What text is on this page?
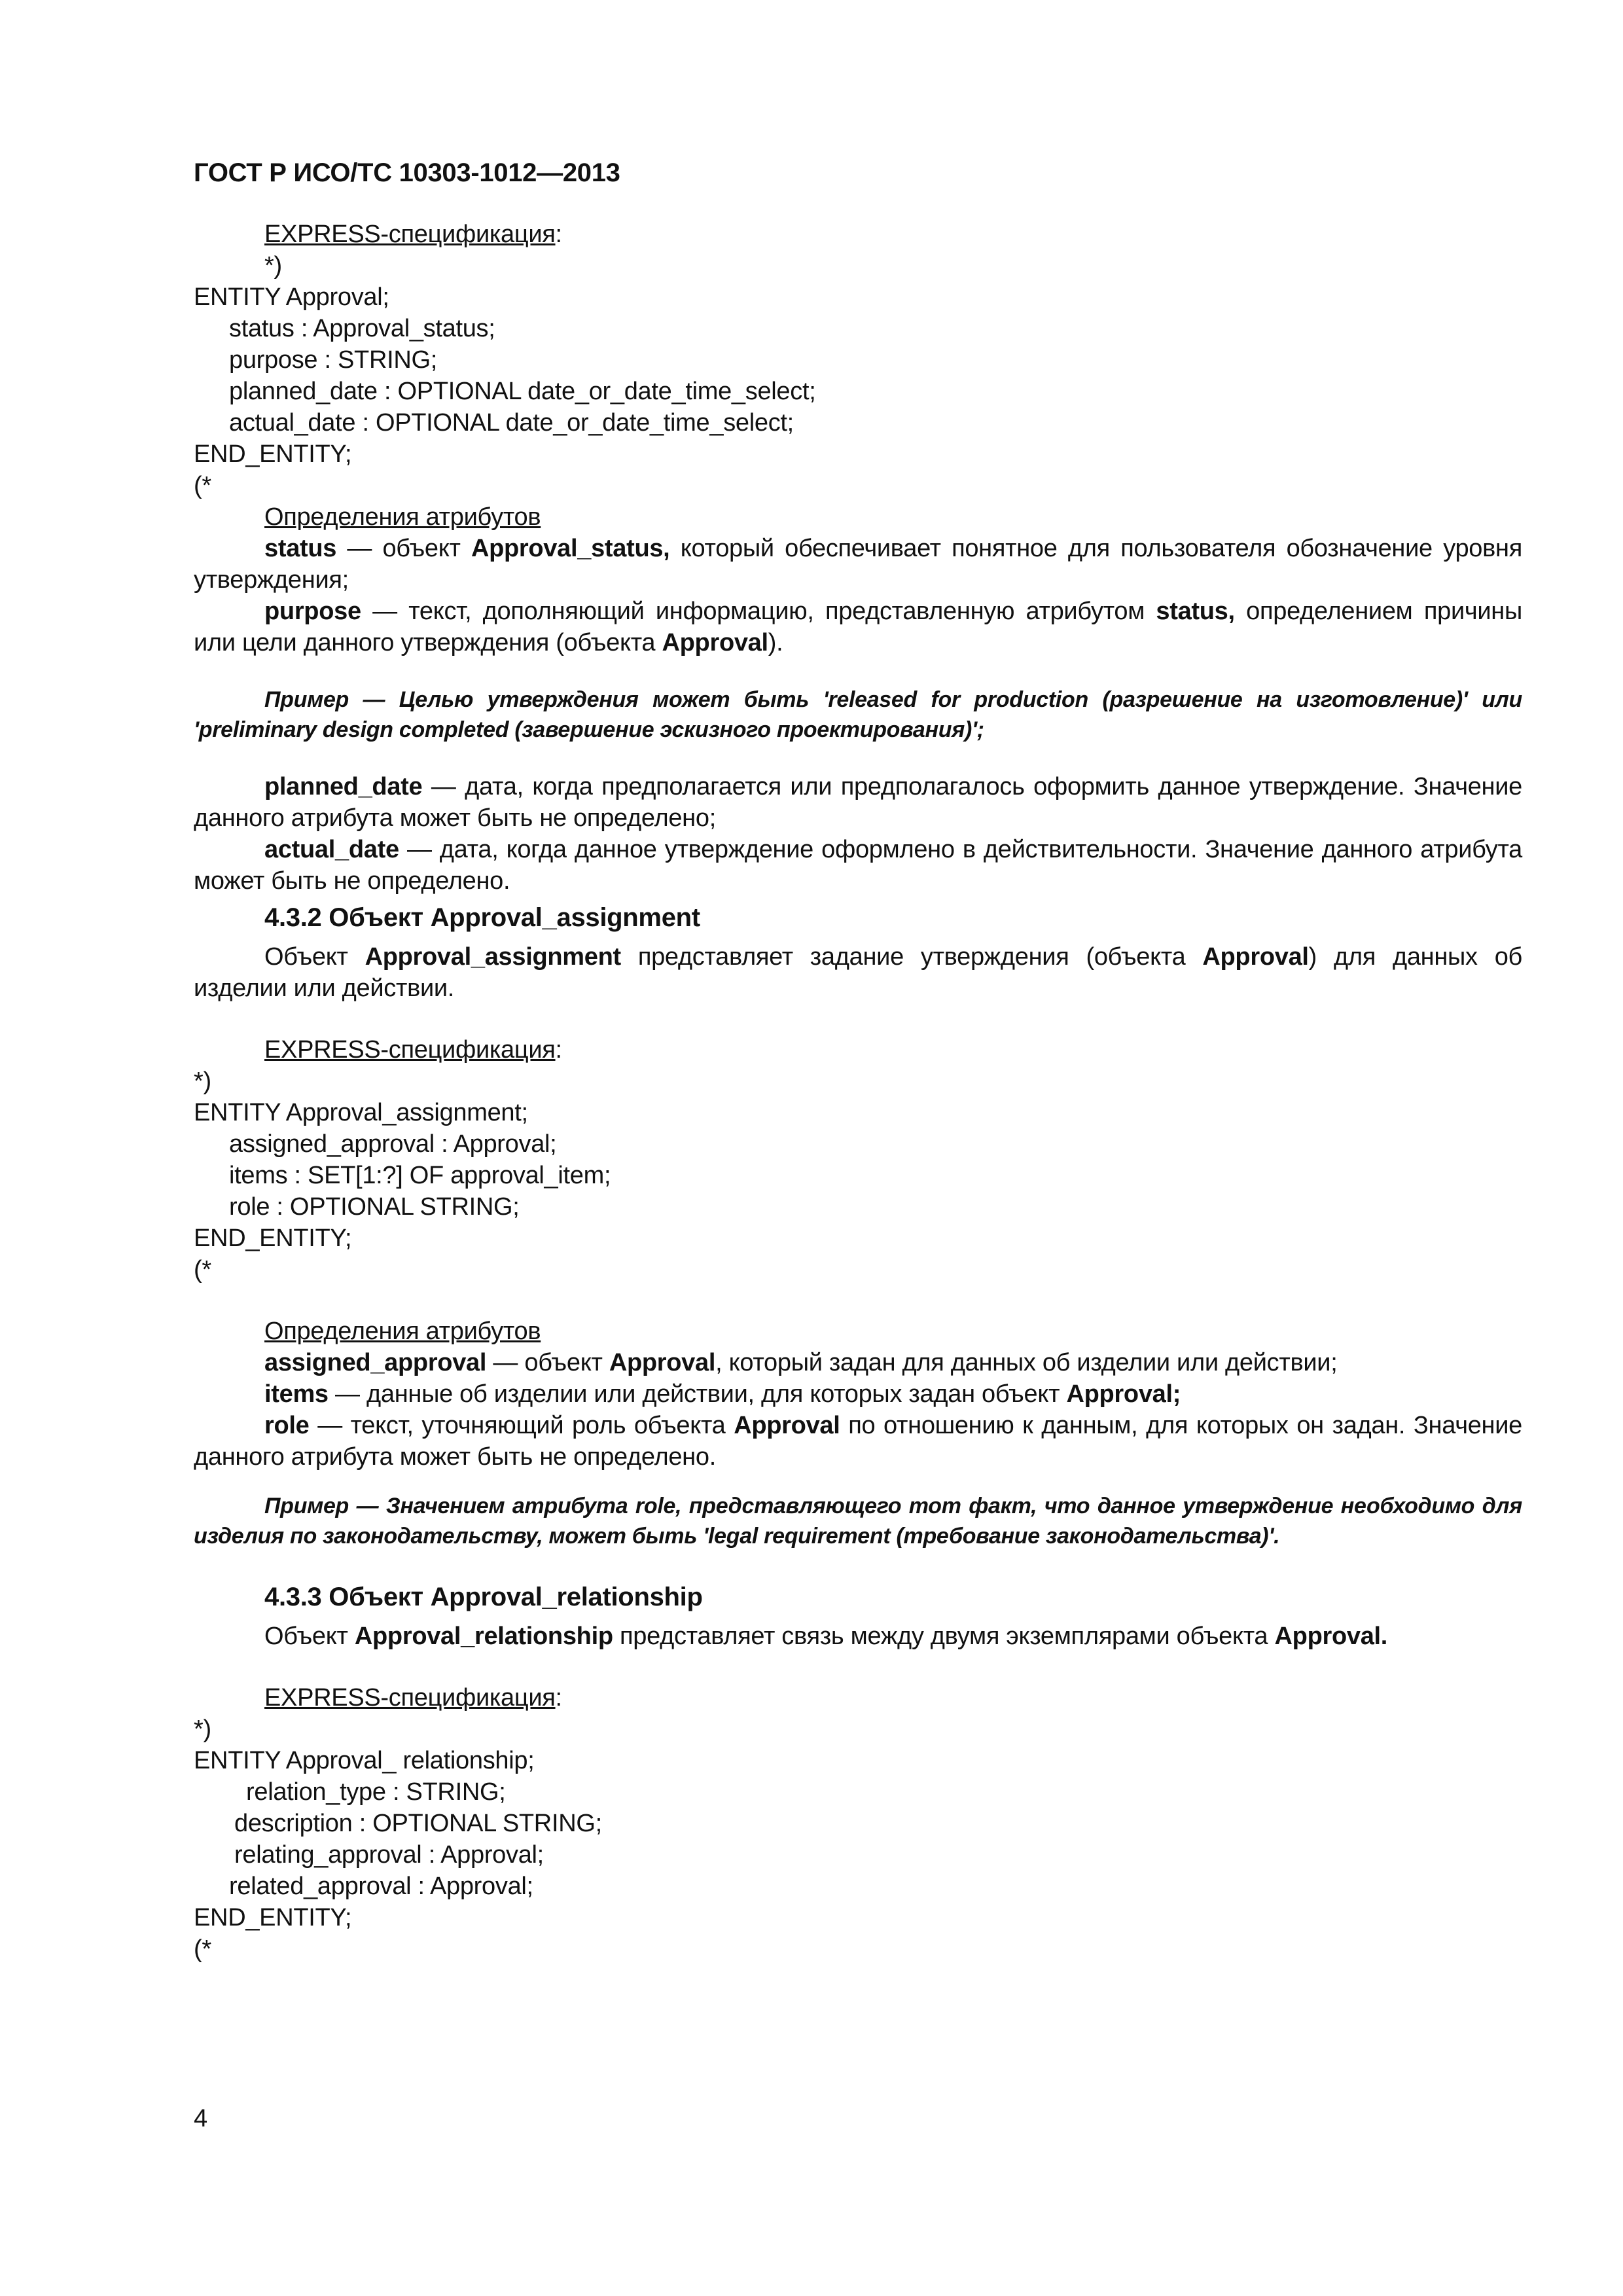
ГОСТ Р ИСО/ТС 10303-1012—2013
EXPRESS-спецификация:
*)
ENTITY Approval;
status : Approval_status;
purpose : STRING;
planned_date : OPTIONAL date_or_date_time_select;
actual_date : OPTIONAL date_or_date_time_select;
END_ENTITY;
(*
Определения атрибутов
status — объект Approval_status, который обеспечивает понятное для пользователя обозначение уровня утверждения;
purpose — текст, дополняющий информацию, представленную атрибутом status, определением причины или цели данного утверждения (объекта Approval).
Пример — Целью утверждения может быть 'released for production (разрешение на изготовление)' или 'preliminary design completed (завершение эскизного проектирования)';
planned_date — дата, когда предполагается или предполагалось оформить данное утверждение. Значение данного атрибута может быть не определено;
actual_date — дата, когда данное утверждение оформлено в действительности. Значение данного атрибута может быть не определено.
4.3.2 Объект Approval_assignment
Объект Approval_assignment представляет задание утверждения (объекта Approval) для данных об изделии или действии.
EXPRESS-спецификация:
*)
ENTITY Approval_assignment;
assigned_approval : Approval;
items : SET[1:?] OF approval_item;
role : OPTIONAL STRING;
END_ENTITY;
(*
Определения атрибутов
assigned_approval — объект Approval, который задан для данных об изделии или действии;
items — данные об изделии или действии, для которых задан объект Approval;
role — текст, уточняющий роль объекта Approval по отношению к данным, для которых он задан. Значение данного атрибута может быть не определено.
Пример — Значением атрибута role, представляющего тот факт, что данное утверждение необходимо для изделия по законодательству, может быть 'legal requirement (требование законодательства)'.
4.3.3 Объект Approval_relationship
Объект Approval_relationship представляет связь между двумя экземплярами объекта Approval.
EXPRESS-спецификация:
*)
ENTITY Approval_ relationship;
relation_type : STRING;
description : OPTIONAL STRING;
relating_approval : Approval;
related_approval : Approval;
END_ENTITY;
(*
4
